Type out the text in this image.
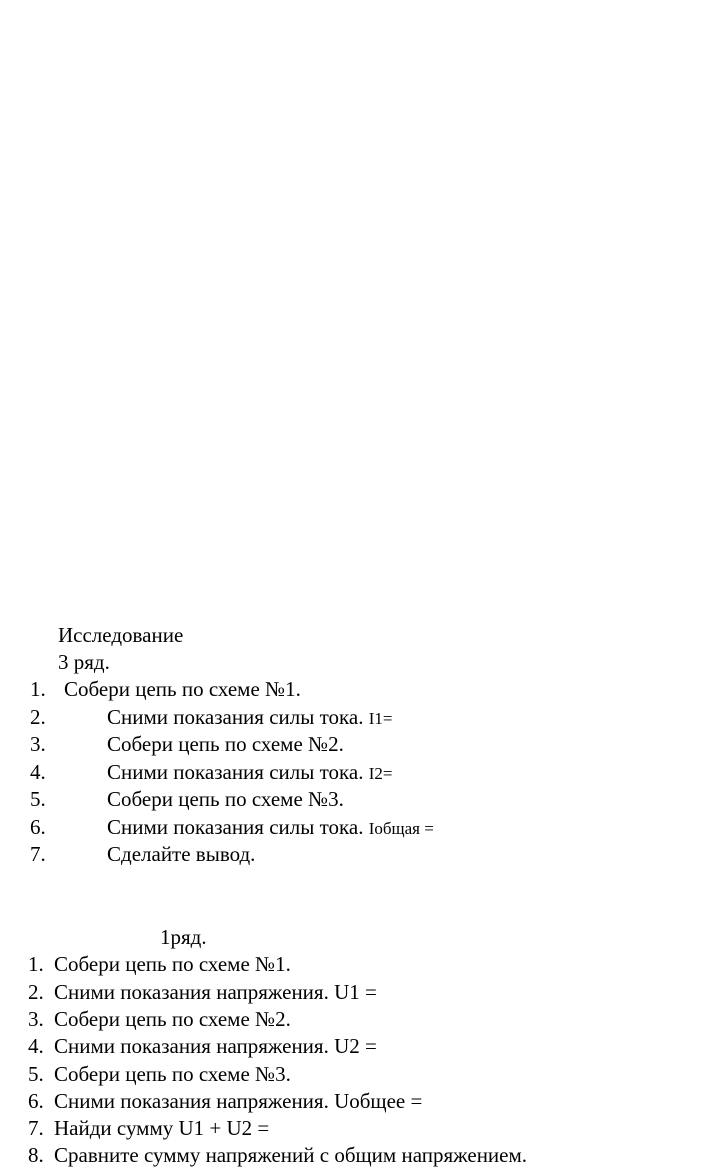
Исследование
3 ряд.
1. Собери цепь по схеме №1.
2.	Сними показания силы тока. I1=
3.	Собери цепь по схеме №2.
4.	Сними показания силы тока. I2=
5.	Собери цепь по схеме №3.
6.	Сними показания силы тока. Iобщая =
7.	Сделайте вывод.
1ряд.
1. Собери цепь по схеме №1.
2. Сними показания напряжения. U1 =
3. Собери цепь по схеме №2.
4. Сними показания напряжения. U2 =
5. Собери цепь по схеме №3.
6. Сними показания напряжения. Uобщее =
7. Найди сумму U1 + U2 =
8. Сравните сумму напряжений с общим напряжением.
